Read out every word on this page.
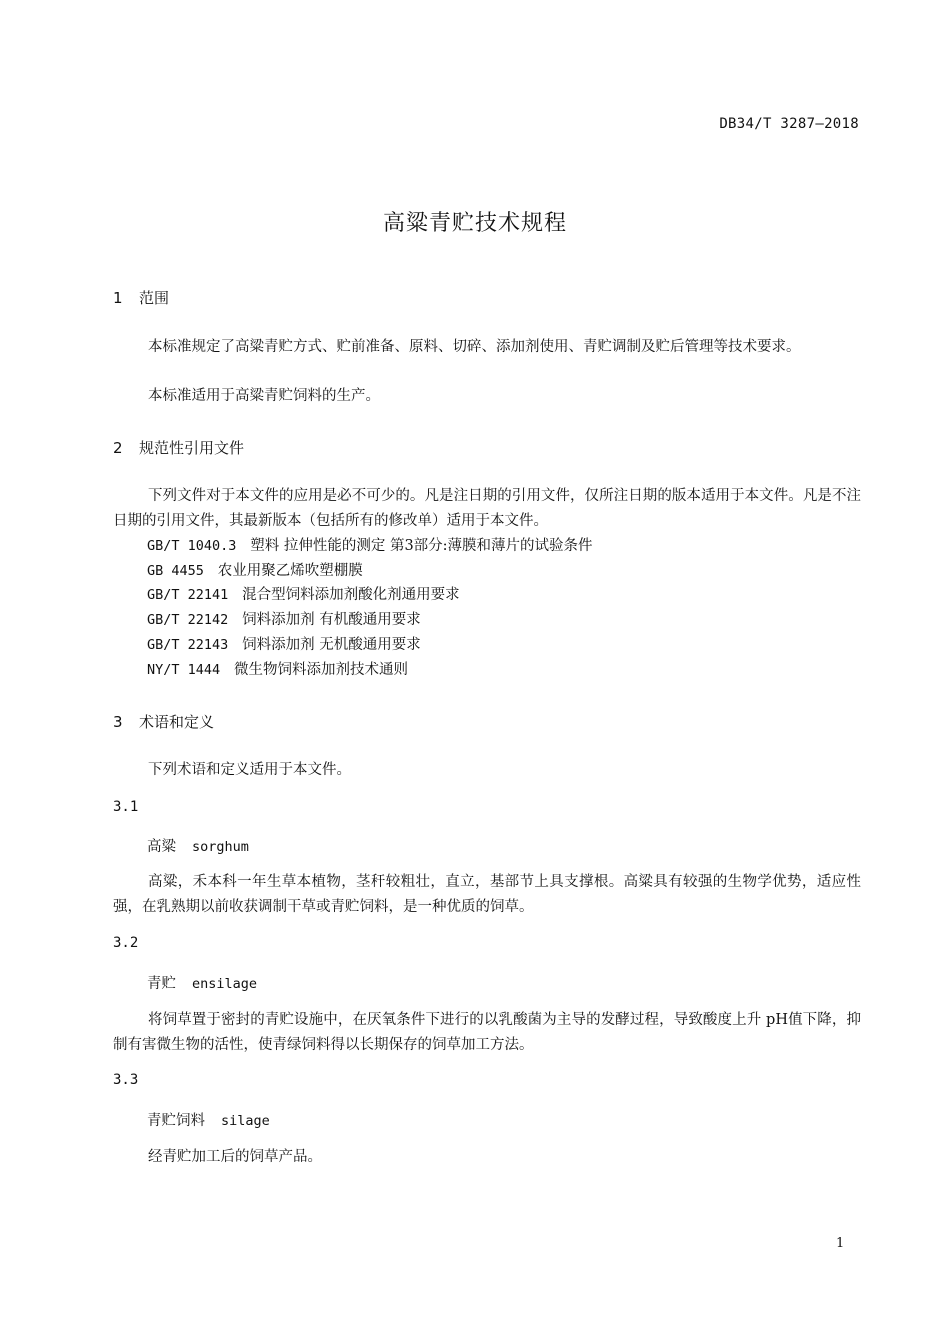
DB34/T 3287—2018
高粱青贮技术规程
1 范围
本标准规定了高粱青贮方式、贮前准备、原料、切碎、添加剂使用、青贮调制及贮后管理等技术要求。
本标准适用于高粱青贮饲料的生产。
2 规范性引用文件
下列文件对于本文件的应用是必不可少的。凡是注日期的引用文件，仅所注日期的版本适用于本文件。凡是不注日期的引用文件，其最新版本（包括所有的修改单）适用于本文件。
GB/T 1040.3 塑料 拉伸性能的测定 第3部分:薄膜和薄片的试验条件
GB 4455 农业用聚乙烯吹塑棚膜
GB/T 22141 混合型饲料添加剂酸化剂通用要求
GB/T 22142 饲料添加剂 有机酸通用要求
GB/T 22143 饲料添加剂 无机酸通用要求
NY/T 1444 微生物饲料添加剂技术通则
3 术语和定义
下列术语和定义适用于本文件。
3.1
高粱 sorghum
高粱，禾本科一年生草本植物，茎秆较粗壮，直立，基部节上具支撑根。高粱具有较强的生物学优势，适应性强，在乳熟期以前收获调制干草或青贮饲料，是一种优质的饲草。
3.2
青贮 ensilage
将饲草置于密封的青贮设施中，在厌氧条件下进行的以乳酸菌为主导的发酵过程，导致酸度上升 pH值下降，抑制有害微生物的活性，使青绿饲料得以长期保存的饲草加工方法。
3.3
青贮饲料 silage
经青贮加工后的饲草产品。
1
